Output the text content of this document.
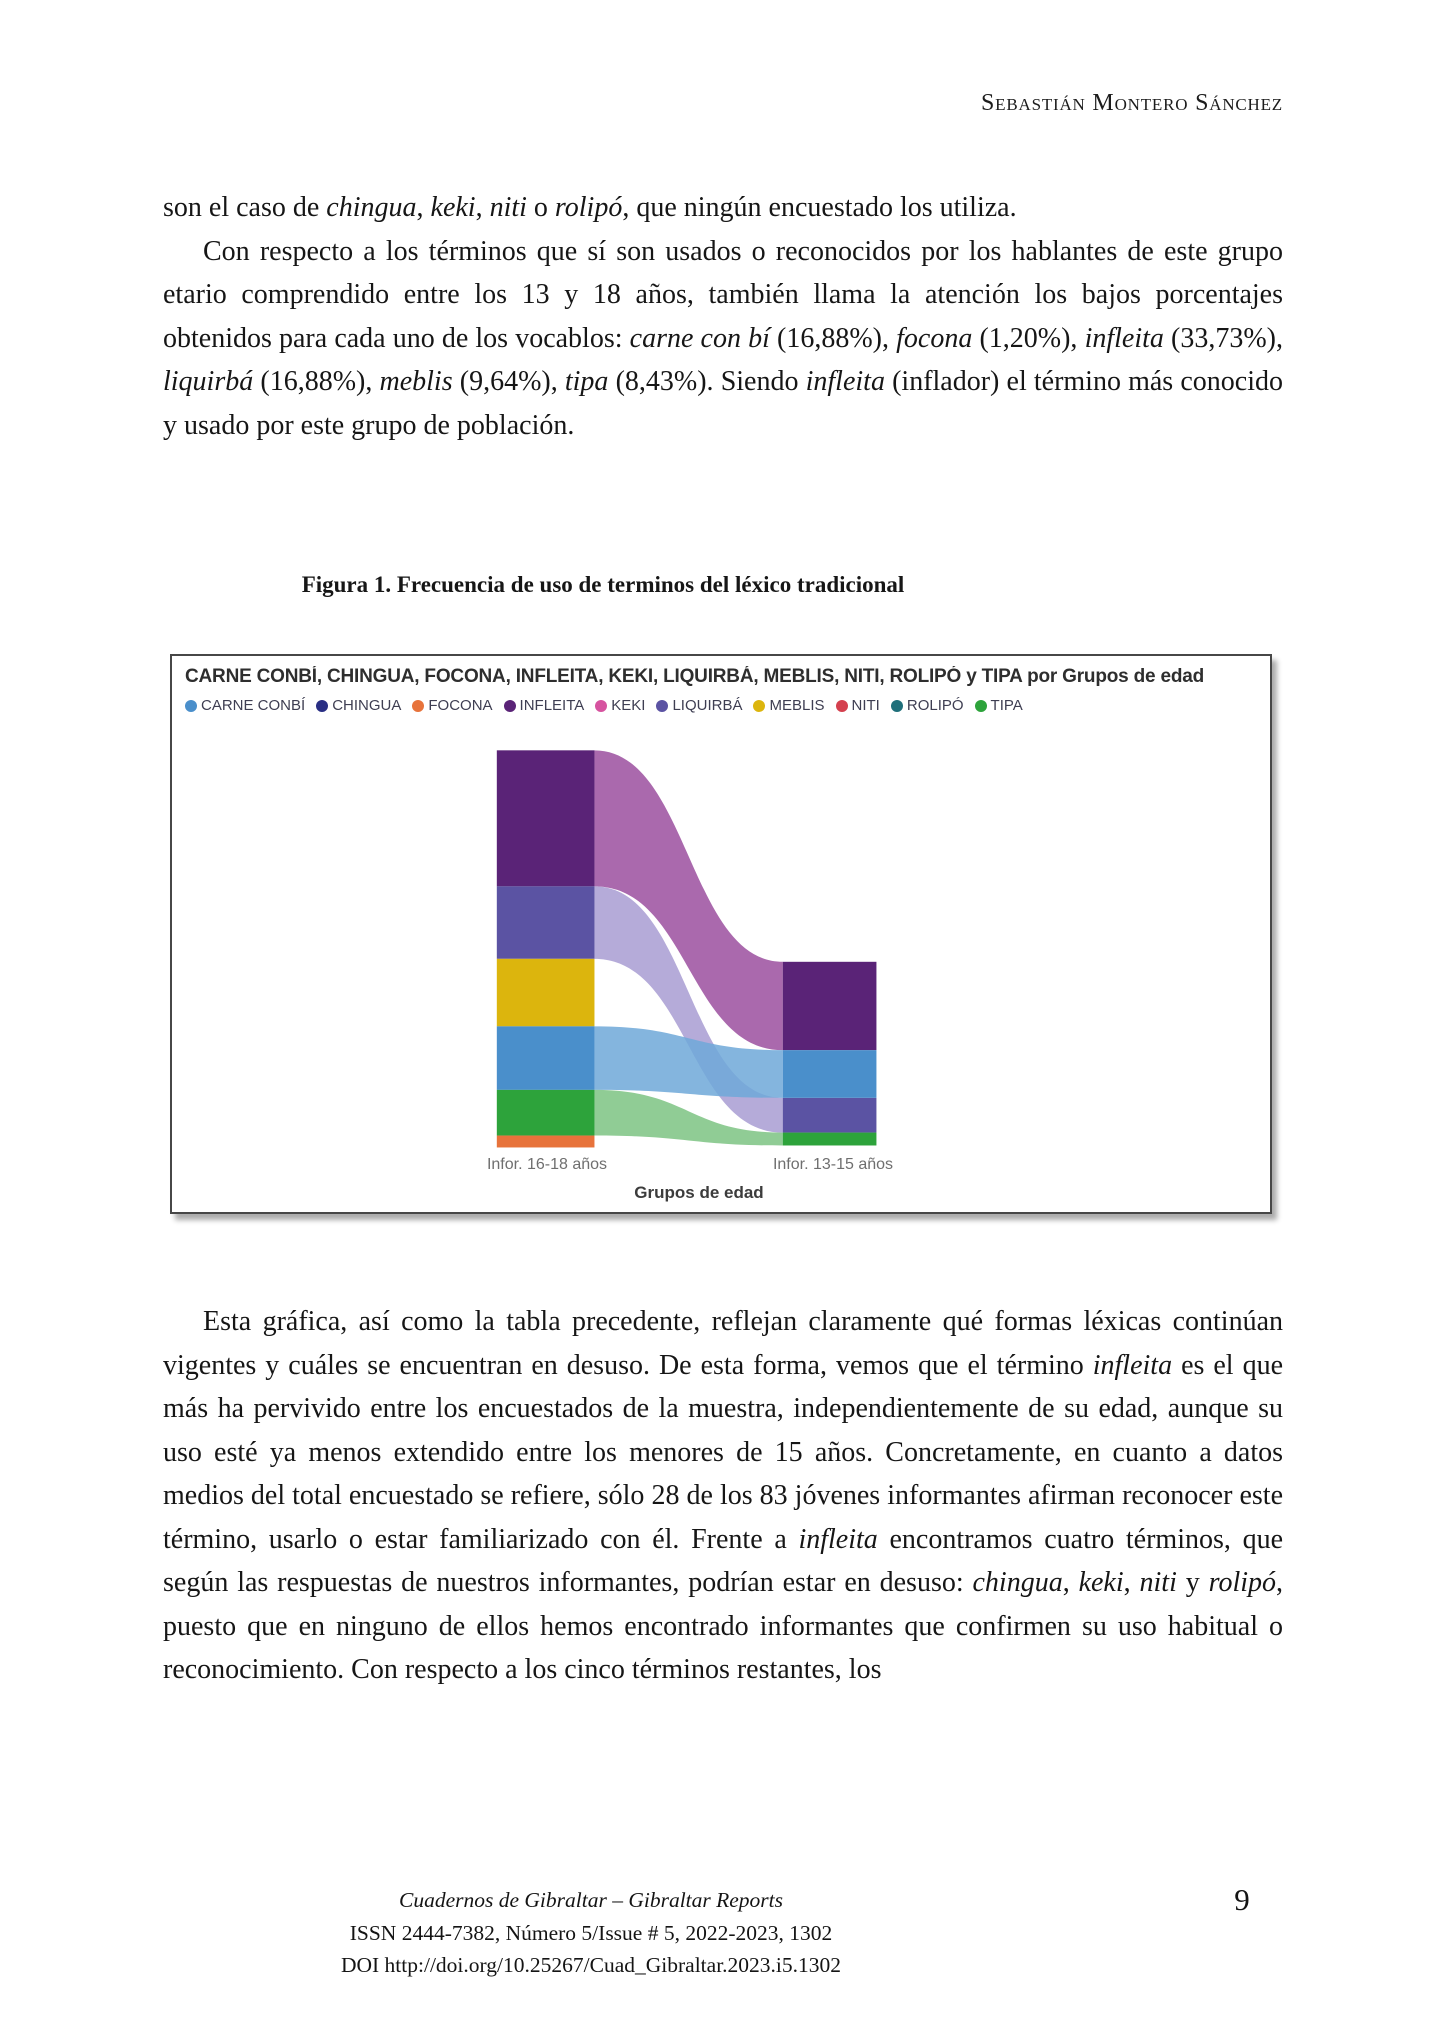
Sebastián Montero Sánchez

son el caso de chingua, keki, niti o rolipó, que ningún encuestado los utiliza.

Con respecto a los términos que sí son usados o reconocidos por los hablantes de este grupo etario comprendido entre los 13 y 18 años, también llama la atención los bajos porcentajes obtenidos para cada uno de los vocablos: carne con bí (16,88%), focona (1,20%), infleita (33,73%), liquirbá (16,88%), meblis (9,64%), tipa (8,43%). Siendo infleita (inflador) el término más conocido y usado por este grupo de población.

Figura 1. Frecuencia de uso de terminos del léxico tradicional
CARNE CONBÍ, CHINGUA, FOCONA, INFLEITA, KEKI, LIQUIRBÁ, MEBLIS, NITI, ROLIPÓ y TIPA por Grupos de edad
CARNE CONBÍ CHINGUA FOCONA INFLEITA KEKI LIQUIRBÁ MEBLIS NITI ROLIPÓ TIPA
Infor. 16-18 años	Infor. 13-15 años
Grupos de edad

Esta gráfica, así como la tabla precedente, reflejan claramente qué formas léxicas continúan vigentes y cuáles se encuentran en desuso. De esta forma, vemos que el término infleita es el que más ha pervivido entre los encuestados de la muestra, independientemente de su edad, aunque su uso esté ya menos extendido entre los menores de 15 años. Concretamente, en cuanto a datos medios del total encuestado se refiere, sólo 28 de los 83 jóvenes informantes afirman reconocer este término, usarlo o estar familiarizado con él. Frente a infleita encontramos cuatro términos, que según las respuestas de nuestros informantes, podrían estar en desuso: chingua, keki, niti y rolipó, puesto que en ninguno de ellos hemos encontrado informantes que confirmen su uso habitual o reconocimiento. Con respecto a los cinco términos restantes, los

Cuadernos de Gibraltar – Gibraltar Reports
ISSN 2444-7382, Número 5/Issue # 5, 2022-2023, 1302
DOI http://doi.org/10.25267/Cuad_Gibraltar.2023.i5.1302
9
